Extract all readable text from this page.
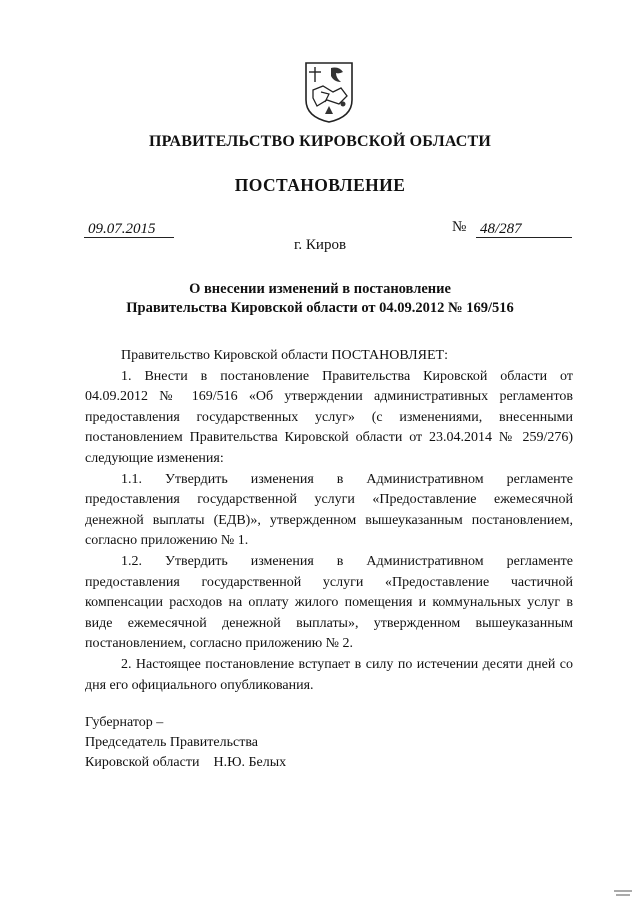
ПРАВИТЕЛЬСТВО КИРОВСКОЙ ОБЛАСТИ
ПОСТАНОВЛЕНИЕ
09.07.2015	№ 48/287
г. Киров
О внесении изменений в постановление
Правительства Кировской области от 04.09.2012 № 169/516

Правительство Кировской области ПОСТАНОВЛЯЕТ:

1. Внести в постановление Правительства Кировской области от 04.09.2012 № 169/516 «Об утверждении административных регламентов предоставления государственных услуг» (с изменениями, внесенными постановлением Правительства Кировской области от 23.04.2014 № 259/276) следующие изменения:

1.1. Утвердить изменения в Административном регламенте предоставления государственной услуги «Предоставление ежемесячной денежной выплаты (ЕДВ)», утвержденном вышеуказанным постановлением, согласно приложению № 1.

1.2. Утвердить изменения в Административном регламенте предоставления государственной услуги «Предоставление частичной компенсации расходов на оплату жилого помещения и коммунальных услуг в виде ежемесячной денежной выплаты», утвержденном вышеуказанным постановлением, согласно приложению № 2.

2. Настоящее постановление вступает в силу по истечении десяти дней со дня его официального опубликования.

Губернатор –
Председатель Правительства
Кировской области Н.Ю. Белых
